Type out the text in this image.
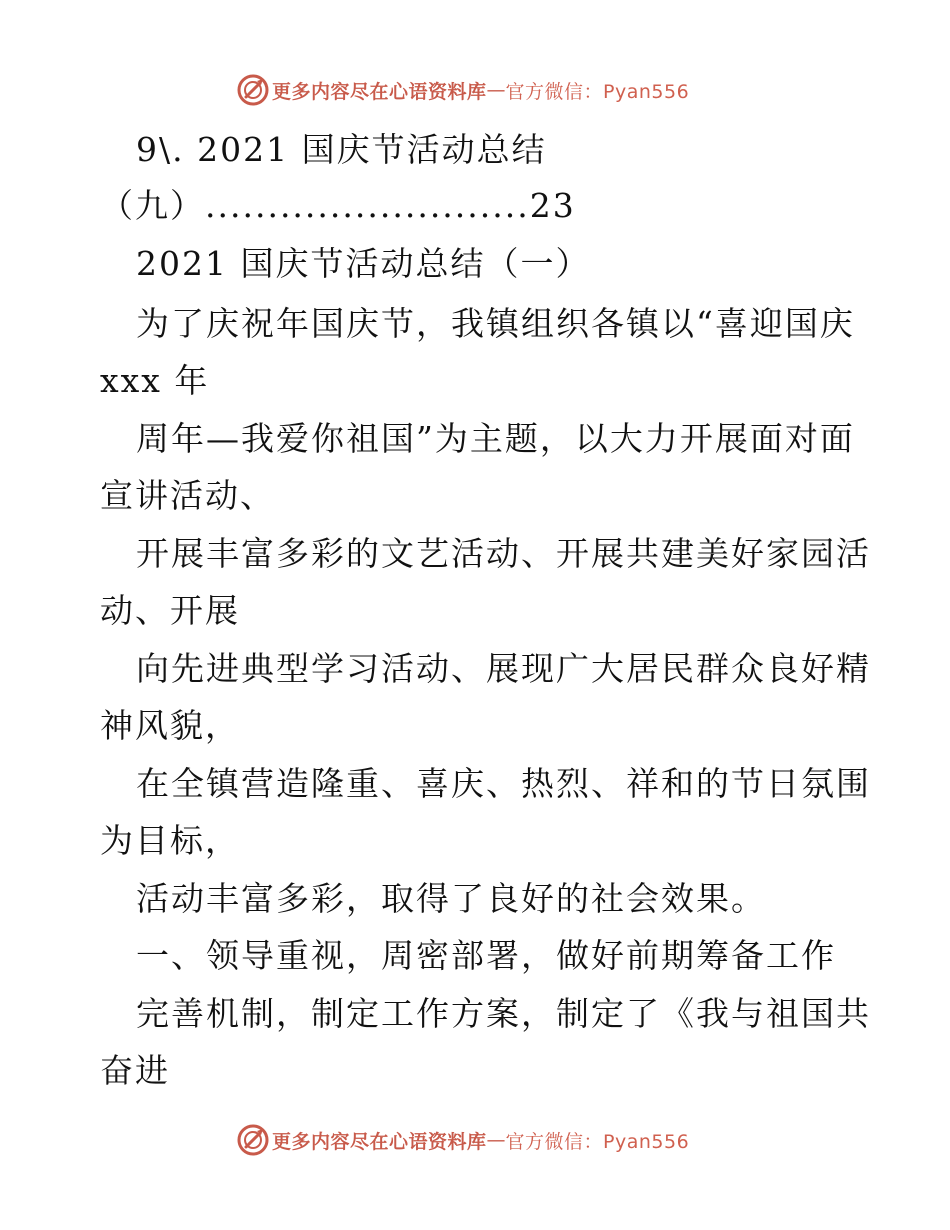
更多内容尽在心语资料库 — 官方微信：Pyan556
9\. 2021 国庆节活动总结
（九）..........................23
2021 国庆节活动总结（一）
为了庆祝年国庆节，我镇组织各镇以“喜迎国庆
xxx 年
周年—我爱你祖国”为主题，以大力开展面对面
宣讲活动、
开展丰富多彩的文艺活动、开展共建美好家园活
动、开展
向先进典型学习活动、展现广大居民群众良好精
神风貌，
在全镇营造隆重、喜庆、热烈、祥和的节日氛围
为目标，
活动丰富多彩，取得了良好的社会效果。
一、领导重视，周密部署，做好前期筹备工作
完善机制，制定工作方案，制定了《我与祖国共
奋进
更多内容尽在心语资料库 — 官方微信：Pyan556
